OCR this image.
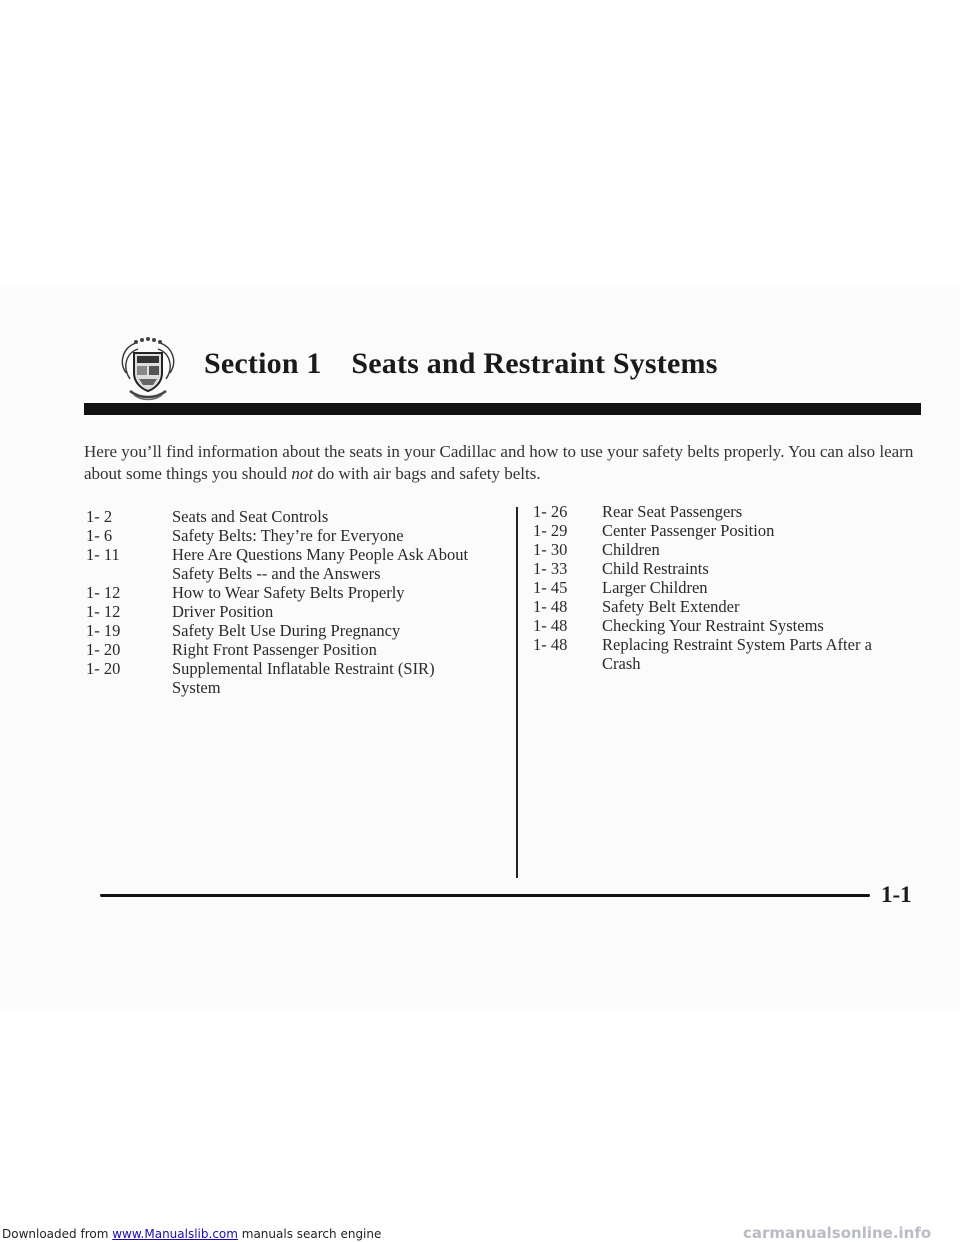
Section 1 Seats and Restraint Systems

Here you’ll find information about the seats in your Cadillac and how to use your safety belts properly. You can also learn about some things you should not do with air bags and safety belts.

1- 2	Seats and Seat Controls
1- 6	Safety Belts: They’re for Everyone
1- 11	Here Are Questions Many People Ask About Safety Belts -- and the Answers
1- 12	How to Wear Safety Belts Properly
1- 12	Driver Position
1- 19	Safety Belt Use During Pregnancy
1- 20	Right Front Passenger Position
1- 20	Supplemental Inflatable Restraint (SIR) System
1- 26	Rear Seat Passengers
1- 29	Center Passenger Position
1- 30	Children
1- 33	Child Restraints
1- 45	Larger Children
1- 48	Safety Belt Extender
1- 48	Checking Your Restraint Systems
1- 48	Replacing Restraint System Parts After a Crash
1-1
Downloaded from www.Manualslib.com manuals search engine	carmanualsonline.info
